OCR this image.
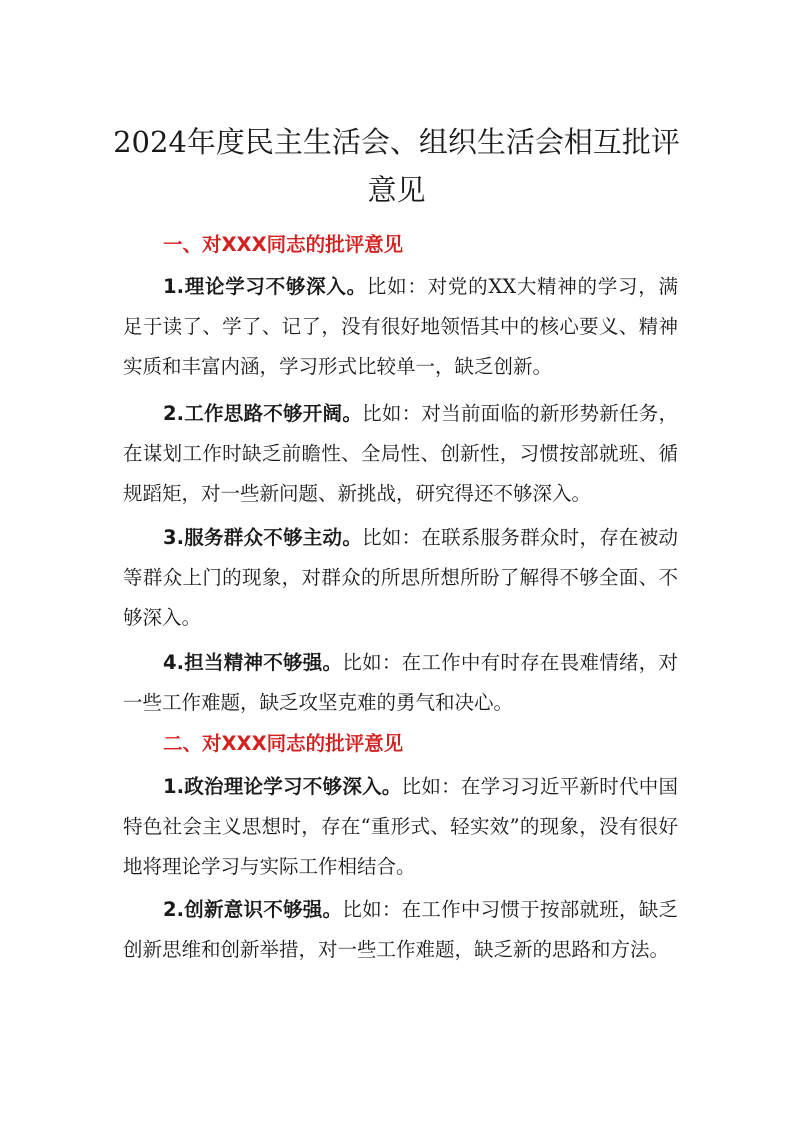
2024年度民主生活会、组织生活会相互批评意见
一、对XXX同志的批评意见

1.理论学习不够深入。比如：对党的XX大精神的学习，满足于读了、学了、记了，没有很好地领悟其中的核心要义、精神实质和丰富内涵，学习形式比较单一，缺乏创新。

2.工作思路不够开阔。比如：对当前面临的新形势新任务，在谋划工作时缺乏前瞻性、全局性、创新性，习惯按部就班、循规蹈矩，对一些新问题、新挑战，研究得还不够深入。

3.服务群众不够主动。比如：在联系服务群众时，存在被动等群众上门的现象，对群众的所思所想所盼了解得不够全面、不够深入。

4.担当精神不够强。比如：在工作中有时存在畏难情绪，对一些工作难题，缺乏攻坚克难的勇气和决心。

二、对XXX同志的批评意见

1.政治理论学习不够深入。比如：在学习习近平新时代中国特色社会主义思想时，存在“重形式、轻实效”的现象，没有很好地将理论学习与实际工作相结合。

2.创新意识不够强。比如：在工作中习惯于按部就班，缺乏创新思维和创新举措，对一些工作难题，缺乏新的思路和方法。
